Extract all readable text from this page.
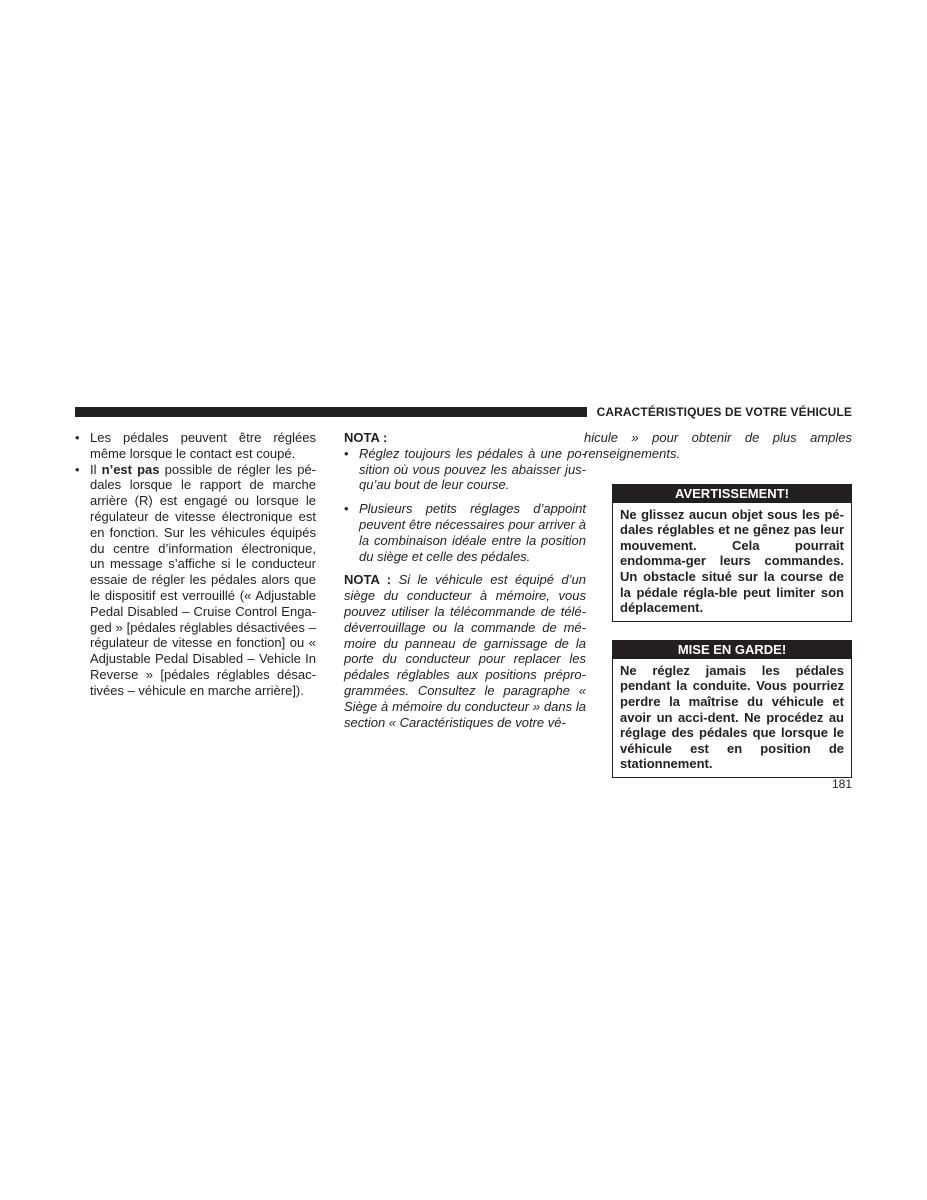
CARACTÉRISTIQUES DE VOTRE VÉHICULE

• Les pédales peuvent être réglées même lorsque le contact est coupé.

• Il n’est pas possible de régler les pé-dales lorsque le rapport de marche arrière (R) est engagé ou lorsque le régulateur de vitesse électronique est en fonction. Sur les véhicules équipés du centre d’information électronique, un message s’affiche si le conducteur essaie de régler les pédales alors que le dispositif est verrouillé (« Adjustable Pedal Disabled – Cruise Control Enga-ged » [pédales réglables désactivées – régulateur de vitesse en fonction] ou « Adjustable Pedal Disabled – Vehicle In Reverse » [pédales réglables désac-tivées – véhicule en marche arrière]).

NOTA :

• Réglez toujours les pédales à une po-sition où vous pouvez les abaisser jus-qu’au bout de leur course.

• Plusieurs petits réglages d’appoint peuvent être nécessaires pour arriver à la combinaison idéale entre la position du siège et celle des pédales.

NOTA : Si le véhicule est équipé d’un siège du conducteur à mémoire, vous pouvez utiliser la télécommande de télé-déverrouillage ou la commande de mé-moire du panneau de garnissage de la porte du conducteur pour replacer les pédales réglables aux positions prépro-grammées. Consultez le paragraphe « Siège à mémoire du conducteur » dans la section « Caractéristiques de votre vé-

hicule » pour obtenir de plus amples renseignements.

AVERTISSEMENT!

Ne glissez aucun objet sous les pé-dales réglables et ne gênez pas leur mouvement. Cela pourrait endomma-ger leurs commandes. Un obstacle situé sur la course de la pédale régla-ble peut limiter son déplacement.

MISE EN GARDE!

Ne réglez jamais les pédales pendant la conduite. Vous pourriez perdre la maîtrise du véhicule et avoir un acci-dent. Ne procédez au réglage des pédales que lorsque le véhicule est en position de stationnement.

181
